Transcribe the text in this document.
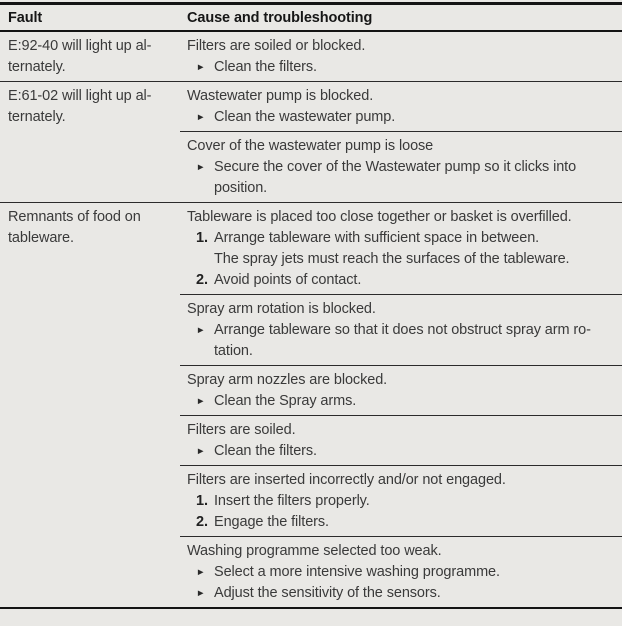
Fault	Cause and troubleshooting
E:92-40 will light up al-
ternately.
Filters are soiled or blocked.
► Clean the filters.
E:61-02 will light up al-
ternately.
Wastewater pump is blocked.
► Clean the wastewater pump.
Cover of the wastewater pump is loose
► Secure the cover of the Wastewater pump so it clicks into
position.
Remnants of food on
tableware.
Tableware is placed too close together or basket is overfilled.
1. Arrange tableware with sufficient space in between.
The spray jets must reach the surfaces of the tableware.
2. Avoid points of contact.
Spray arm rotation is blocked.
► Arrange tableware so that it does not obstruct spray arm ro-
tation.
Spray arm nozzles are blocked.
► Clean the Spray arms.
Filters are soiled.
► Clean the filters.
Filters are inserted incorrectly and/or not engaged.
1. Insert the filters properly.
2. Engage the filters.
Washing programme selected too weak.
► Select a more intensive washing programme.
► Adjust the sensitivity of the sensors.
